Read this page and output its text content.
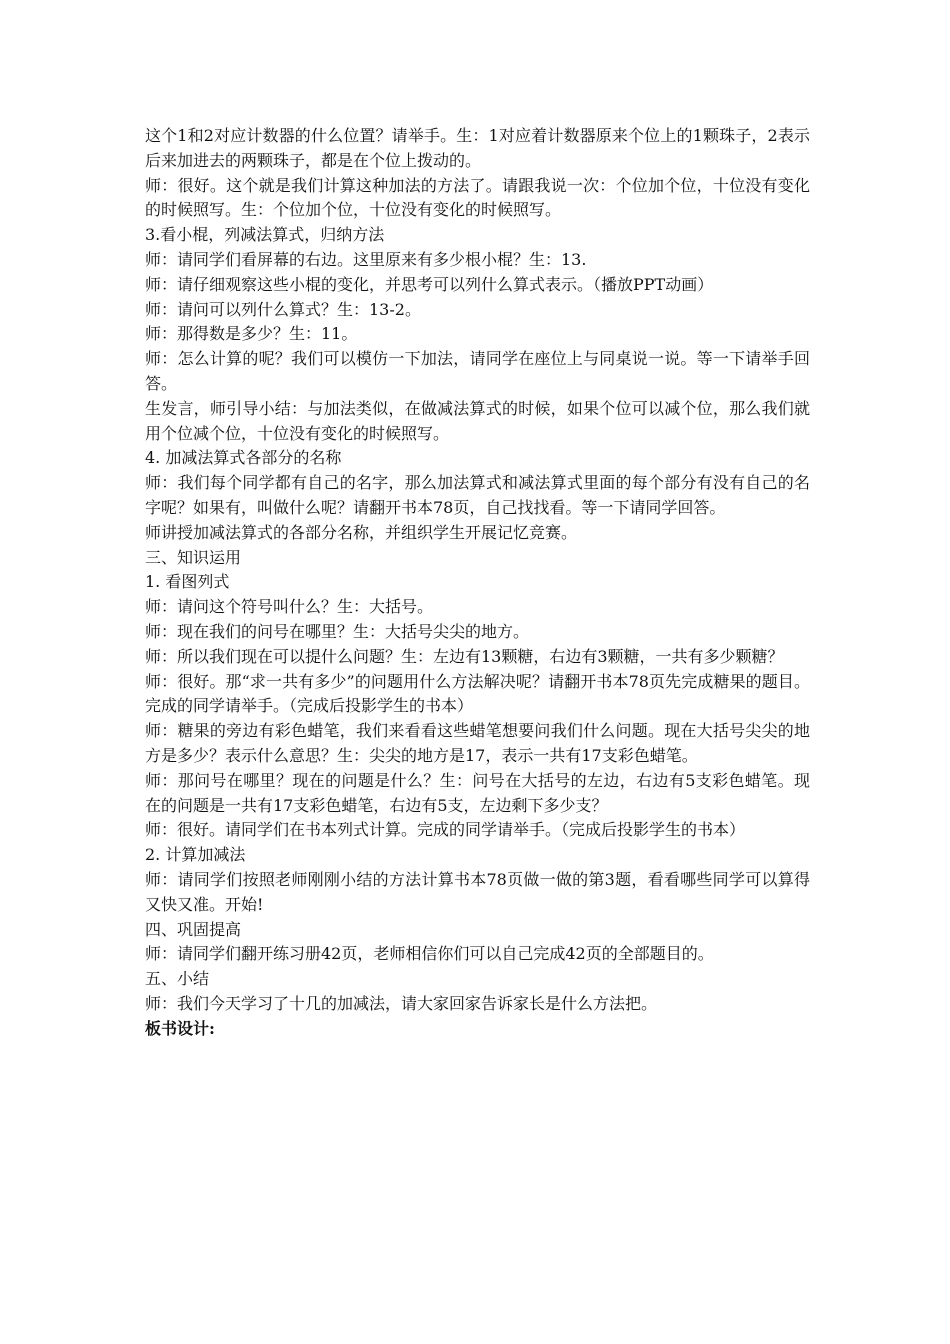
这个1和2对应计数器的什么位置？请举手。生：1对应着计数器原来个位上的1颗珠子，2表示后来加进去的两颗珠子，都是在个位上拨动的。

师：很好。这个就是我们计算这种加法的方法了。请跟我说一次：个位加个位，十位没有变化的时候照写。生：个位加个位，十位没有变化的时候照写。

3.看小棍，列减法算式，归纳方法

师：请同学们看屏幕的右边。这里原来有多少根小棍？生：13.

师：请仔细观察这些小棍的变化，并思考可以列什么算式表示。（播放PPT动画）

师：请问可以列什么算式？生：13-2。

师：那得数是多少？生：11。

师：怎么计算的呢？我们可以模仿一下加法，请同学在座位上与同桌说一说。等一下请举手回答。

生发言，师引导小结：与加法类似，在做减法算式的时候，如果个位可以减个位，那么我们就用个位减个位，十位没有变化的时候照写。

4. 加减法算式各部分的名称

师：我们每个同学都有自己的名字，那么加法算式和减法算式里面的每个部分有没有自己的名字呢？如果有，叫做什么呢？请翻开书本78页，自己找找看。等一下请同学回答。

师讲授加减法算式的各部分名称，并组织学生开展记忆竞赛。

三、知识运用

1. 看图列式

师：请问这个符号叫什么？生：大括号。

师：现在我们的问号在哪里？生：大括号尖尖的地方。

师：所以我们现在可以提什么问题？生：左边有13颗糖，右边有3颗糖，一共有多少颗糖？

师：很好。那“求一共有多少”的问题用什么方法解决呢？请翻开书本78页先完成糖果的题目。完成的同学请举手。（完成后投影学生的书本）

师：糖果的旁边有彩色蜡笔，我们来看看这些蜡笔想要问我们什么问题。现在大括号尖尖的地方是多少？表示什么意思？生：尖尖的地方是17，表示一共有17支彩色蜡笔。

师：那问号在哪里？现在的问题是什么？生：问号在大括号的左边，右边有5支彩色蜡笔。现在的问题是一共有17支彩色蜡笔，右边有5支，左边剩下多少支？

师：很好。请同学们在书本列式计算。完成的同学请举手。（完成后投影学生的书本）

2. 计算加减法

师：请同学们按照老师刚刚小结的方法计算书本78页做一做的第3题，看看哪些同学可以算得又快又准。开始!

四、巩固提高

师：请同学们翻开练习册42页，老师相信你们可以自己完成42页的全部题目的。

五、小结

师：我们今天学习了十几的加减法，请大家回家告诉家长是什么方法把。

板书设计:
